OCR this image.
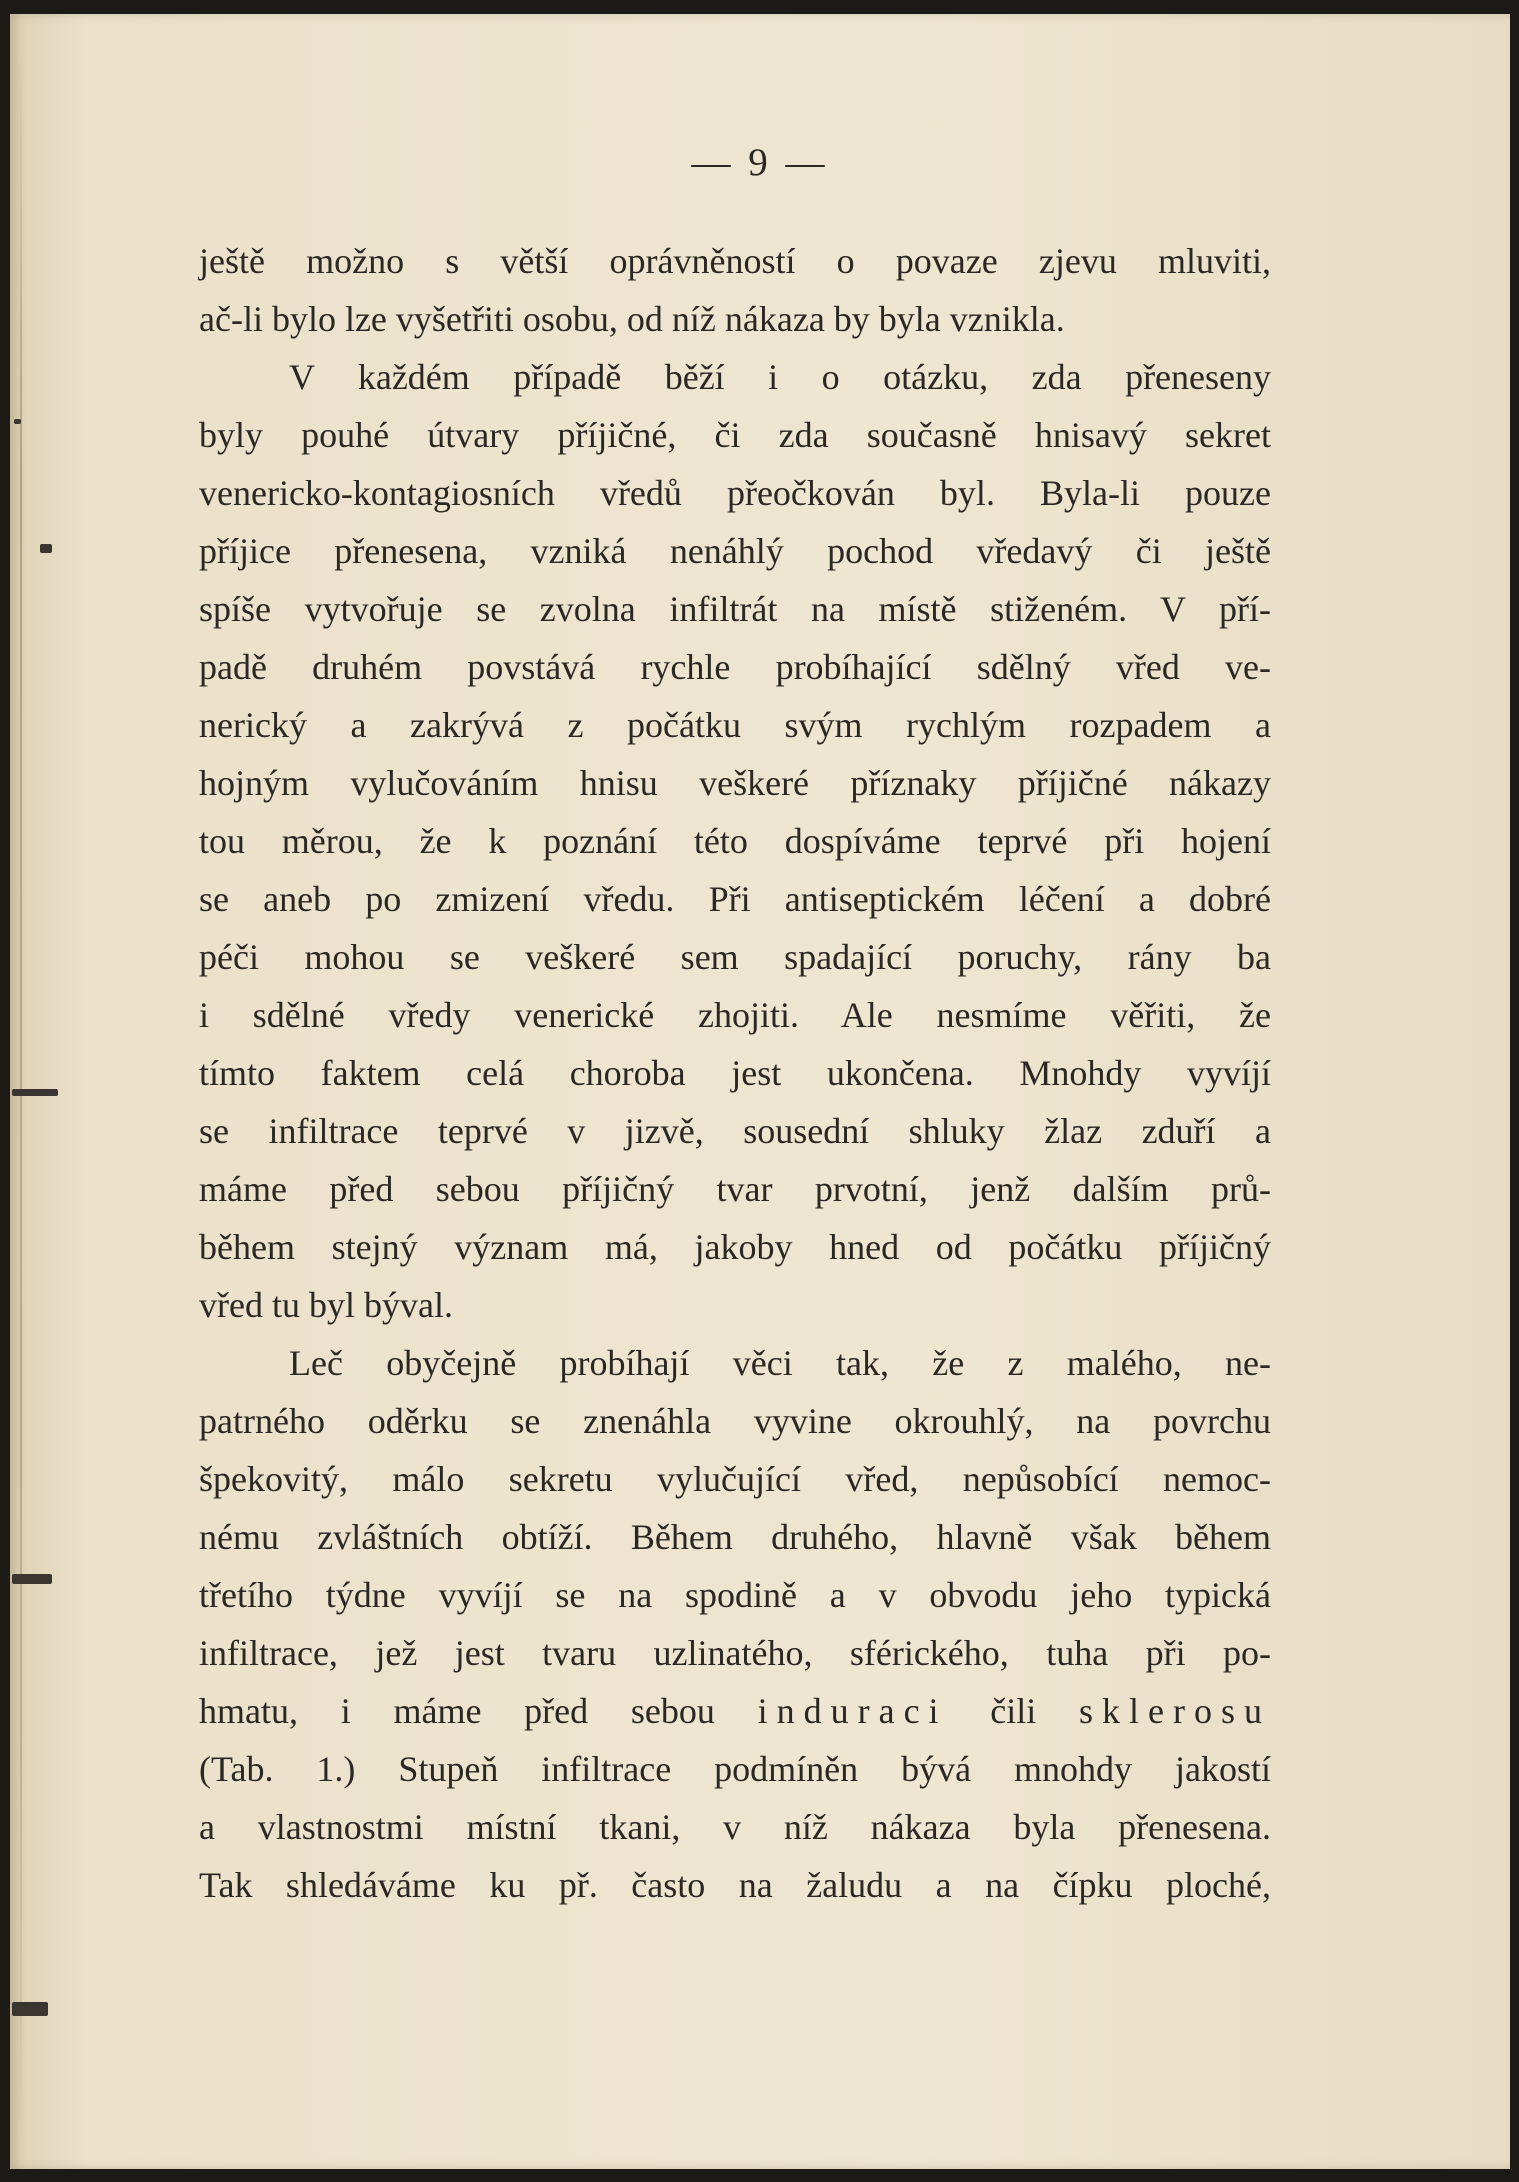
— 9 —
ještě možno s větší oprávněností o povaze zjevu mluviti,
ač-li bylo lze vyšetřiti osobu, od níž nákaza by byla vznikla.
V každém případě běží i o otázku, zda přeneseny
byly pouhé útvary příjičné, či zda současně hnisavý sekret
venericko-kontagiosních vředů přeočkován byl. Byla-li pouze
příjice přenesena, vzniká nenáhlý pochod vředavý či ještě
spíše vytvořuje se zvolna infiltrát na místě stiženém. V pří-
padě druhém povstává rychle probíhající sdělný vřed ve-
nerický a zakrývá z počátku svým rychlým rozpadem a
hojným vylučováním hnisu veškeré příznaky příjičné nákazy
tou měrou, že k poznání této dospíváme teprvé při hojení
se aneb po zmizení vředu. Při antiseptickém léčení a dobré
péči mohou se veškeré sem spadající poruchy, rány ba
i sdělné vředy venerické zhojiti. Ale nesmíme věřiti, že
tímto faktem celá choroba jest ukončena. Mnohdy vyvíjí
se infiltrace teprvé v jizvě, sousední shluky žlaz zduří a
máme před sebou příjičný tvar prvotní, jenž dalším prů-
během stejný význam má, jakoby hned od počátku příjičný
vřed tu byl býval.
Leč obyčejně probíhají věci tak, že z malého, ne-
patrného oděrku se znenáhla vyvine okrouhlý, na povrchu
špekovitý, málo sekretu vylučující vřed, nepůsobící nemoc-
nému zvláštních obtíží. Během druhého, hlavně však během
třetího týdne vyvíjí se na spodině a v obvodu jeho typická
infiltrace, jež jest tvaru uzlinatého, sférického, tuha při po-
hmatu, i máme před sebou induraci čili sklerosu
(Tab. 1.) Stupeň infiltrace podmíněn bývá mnohdy jakostí
a vlastnostmi místní tkani, v níž nákaza byla přenesena.
Tak shledáváme ku př. často na žaludu a na čípku ploché,
